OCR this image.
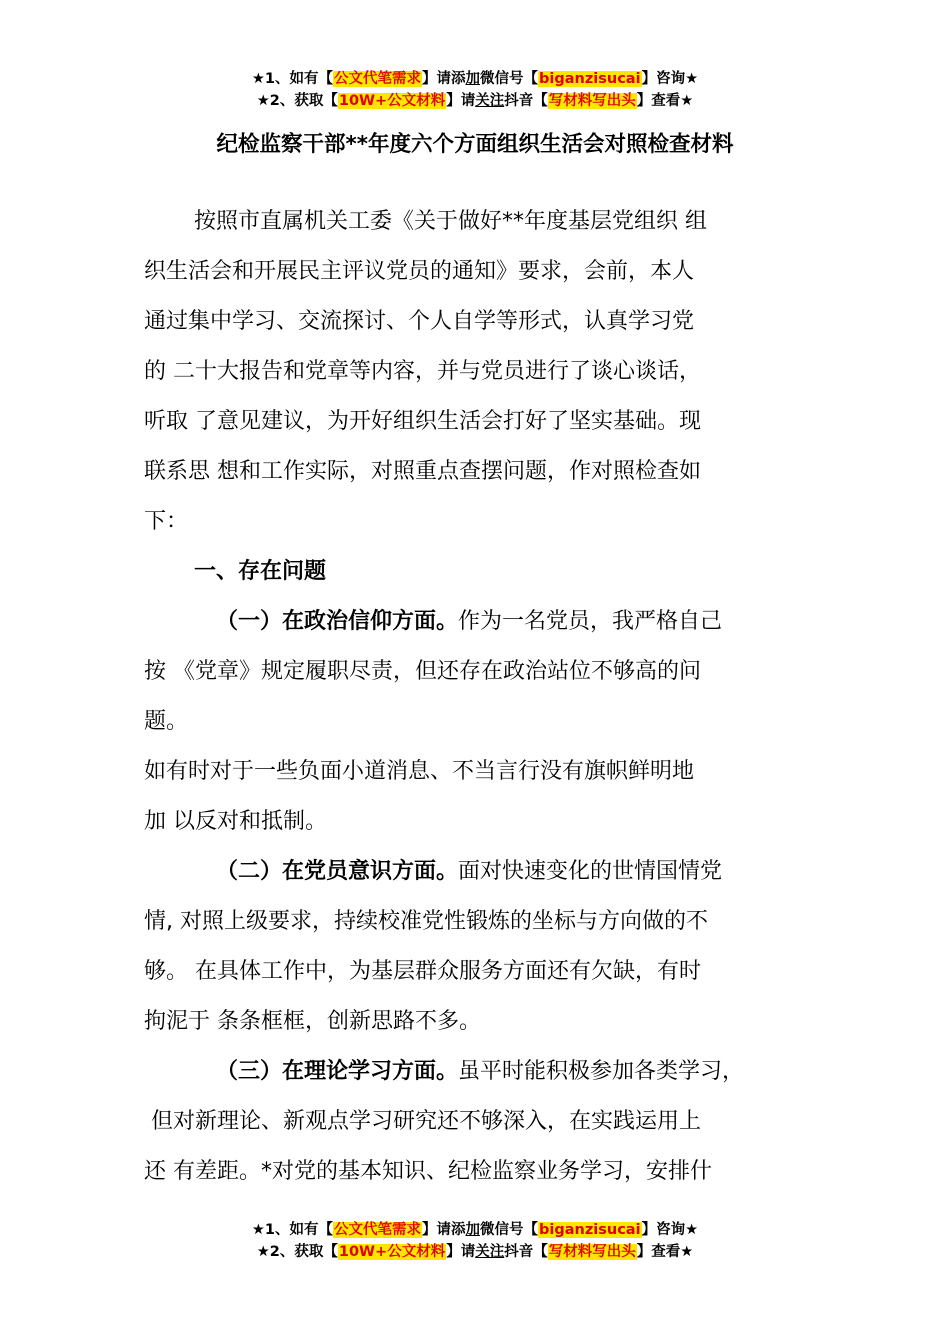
★1、如有【公文代笔需求】请添加微信号【biganzisucai】咨询★
★2、获取【10W+公文材料】请关注抖音【写材料写出头】查看★
纪检监察干部**年度六个方面组织生活会对照检查材料
按照市直属机关工委《关于做好**年度基层党组织 组
织生活会和开展民主评议党员的通知》要求，会前，本人
通过集中学习、交流探讨、个人自学等形式，认真学习党
的 二十大报告和党章等内容，并与党员进行了谈心谈话，
听取 了意见建议，为开好组织生活会打好了坚实基础。现
联系思 想和工作实际，对照重点查摆问题，作对照检查如
下：
一、存在问题
（一）在政治信仰方面。作为一名党员，我严格自己
按 《党章》规定履职尽责，但还存在政治站位不够高的问
题。
如有时对于一些负面小道消息、不当言行没有旗帜鲜明地
加 以反对和抵制。
（二）在党员意识方面。面对快速变化的世情国情党
情, 对照上级要求，持续校准党性锻炼的坐标与方向做的不
够。 在具体工作中，为基层群众服务方面还有欠缺，有时
拘泥于 条条框框，创新思路不多。
（三）在理论学习方面。虽平时能积极参加各类学习，
但对新理论、新观点学习研究还不够深入，在实践运用上
还 有差距。*对党的基本知识、纪检监察业务学习，安排什
★1、如有【公文代笔需求】请添加微信号【biganzisucai】咨询★
★2、获取【10W+公文材料】请关注抖音【写材料写出头】查看★
